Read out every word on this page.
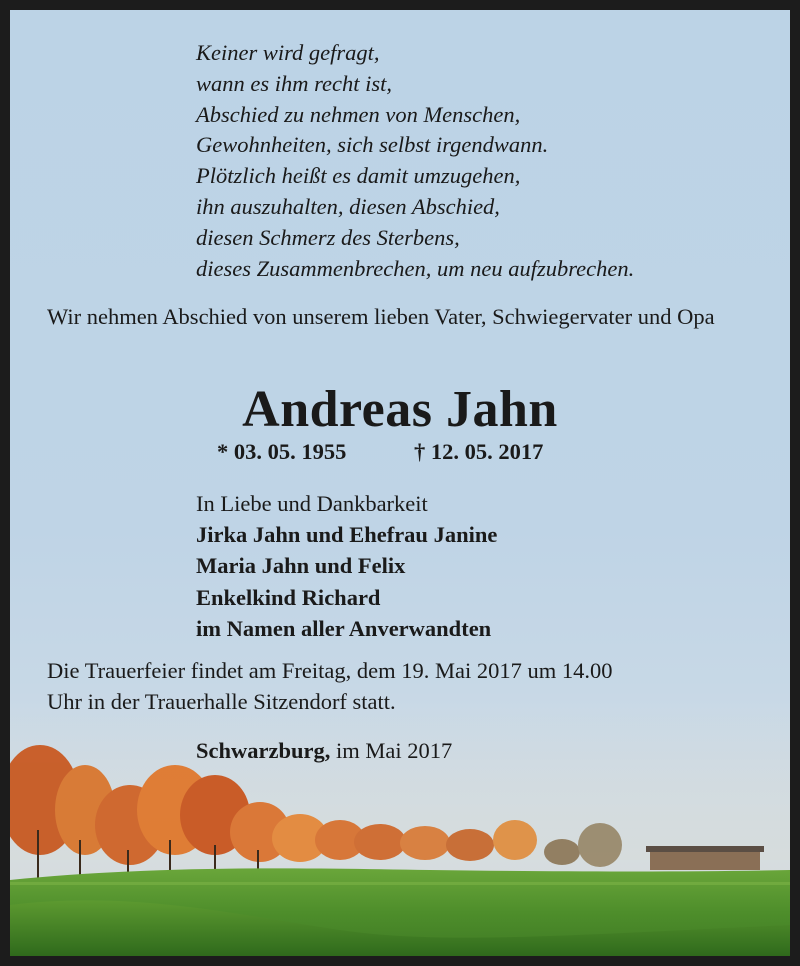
Keiner wird gefragt,
wann es ihm recht ist,
Abschied zu nehmen von Menschen,
Gewohnheiten, sich selbst irgendwann.
Plötzlich heißt es damit umzugehen,
ihn auszuhalten, diesen Abschied,
diesen Schmerz des Sterbens,
dieses Zusammenbrechen, um neu aufzubrechen.
Wir nehmen Abschied von unserem lieben Vater, Schwiegervater und Opa
Andreas Jahn
* 03. 05. 1955	† 12. 05. 2017
In Liebe und Dankbarkeit
Jirka Jahn und Ehefrau Janine
Maria Jahn und Felix
Enkelkind Richard
im Namen aller Anverwandten
Die Trauerfeier findet am Freitag, dem 19. Mai 2017 um 14.00
Uhr in der Trauerhalle Sitzendorf statt.
Schwarzburg, im Mai 2017
